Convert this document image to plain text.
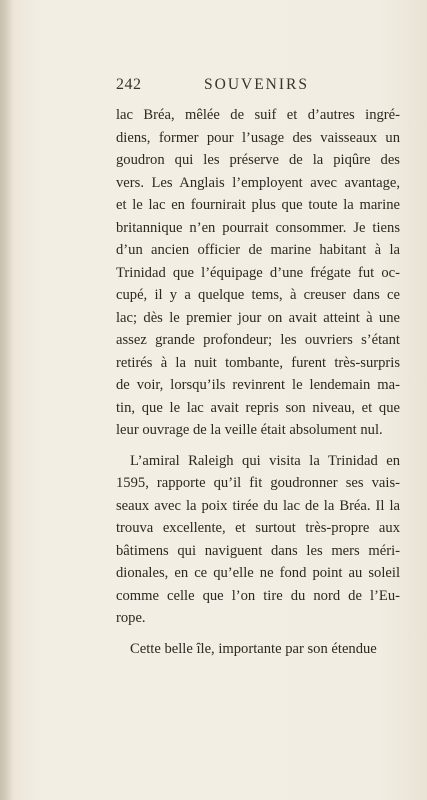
242	SOUVENIRS
lac Bréa, mêlée de suif et d’autres ingré-
diens, former pour l’usage des vaisseaux un
goudron qui les préserve de la piqûre des
vers. Les Anglais l’employent avec avantage,
et le lac en fournirait plus que toute la marine
britannique n’en pourrait consommer. Je tiens
d’un ancien officier de marine habitant à la
Trinidad que l’équipage d’une frégate fut oc-
cupé, il y a quelque tems, à creuser dans ce
lac; dès le premier jour on avait atteint à une
assez grande profondeur; les ouvriers s’étant
retirés à la nuit tombante, furent très-surpris
de voir, lorsqu’ils revinrent le lendemain ma-
tin, que le lac avait repris son niveau, et que
leur ouvrage de la veille était absolument nul.
L’amiral Raleigh qui visita la Trinidad en
1595, rapporte qu’il fit goudronner ses vais-
seaux avec la poix tirée du lac de la Bréa. Il la
trouva excellente, et surtout très-propre aux
bâtimens qui naviguent dans les mers méri-
dionales, en ce qu’elle ne fond point au soleil
comme celle que l’on tire du nord de l’Eu-
rope.
Cette belle île, importante par son étendue
